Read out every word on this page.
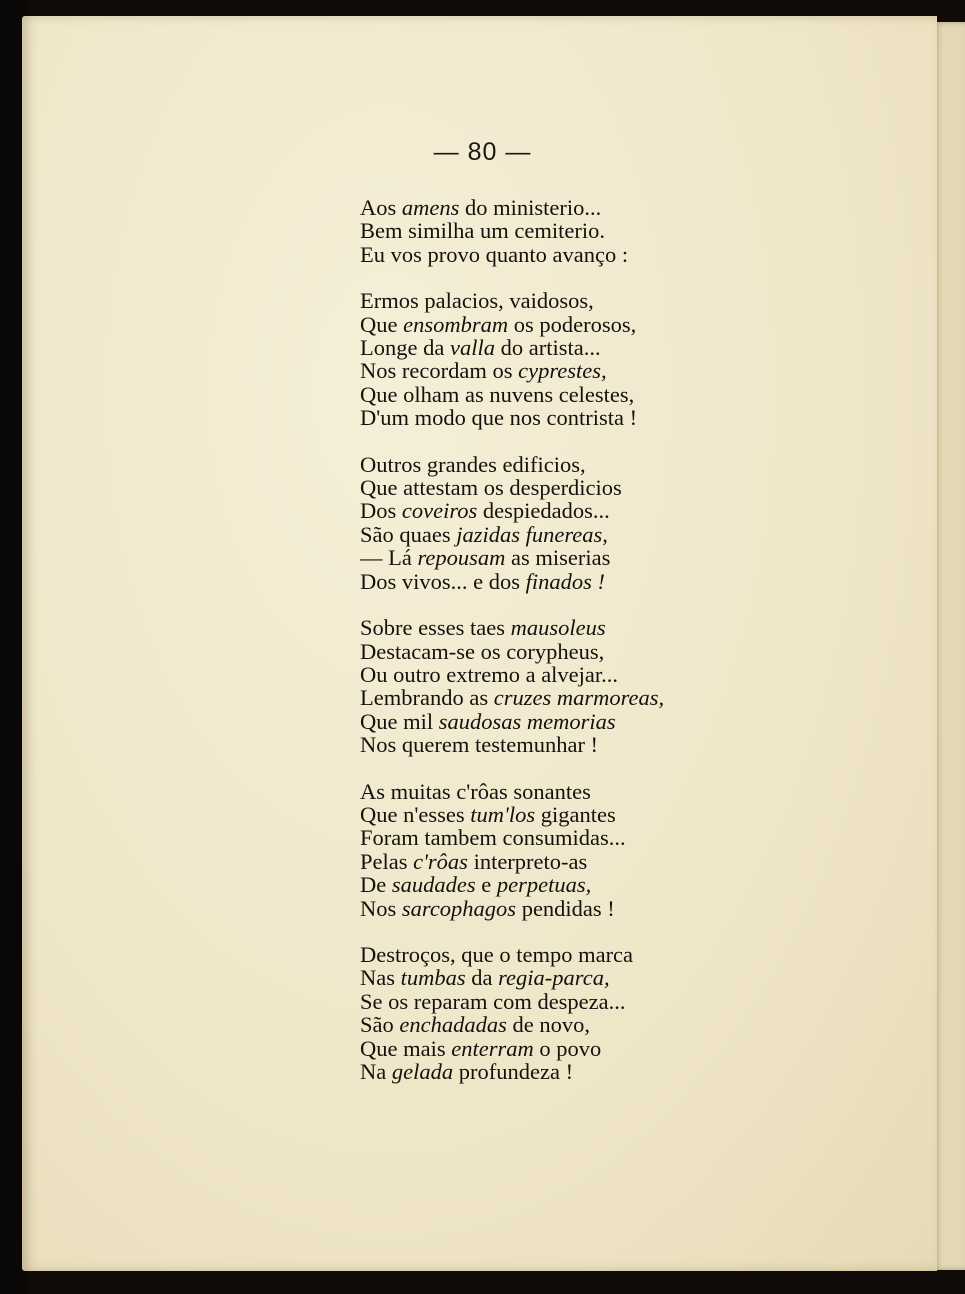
— 80 —
Aos amens do ministerio...
Bem similha um cemiterio.
Eu vos provo quanto avanço :
Ermos palacios, vaidosos,
Que ensombram os poderosos,
Longe da valla do artista...
Nos recordam os cyprestes,
Que olham as nuvens celestes,
D'um modo que nos contrista !
Outros grandes edificios,
Que attestam os desperdicios
Dos coveiros despiedados...
São quaes jazidas funereas,
— Lá repousam as miserias
Dos vivos... e dos finados !
Sobre esses taes mausoleus
Destacam-se os corypheus,
Ou outro extremo a alvejar...
Lembrando as cruzes marmoreas,
Que mil saudosas memorias
Nos querem testemunhar !
As muitas c'rôas sonantes
Que n'esses tum'los gigantes
Foram tambem consumidas...
Pelas c'rôas interpreto-as
De saudades e perpetuas,
Nos sarcophagos pendidas !
Destroços, que o tempo marca
Nas tumbas da regia-parca,
Se os reparam com despeza...
São enchadadas de novo,
Que mais enterram o povo
Na gelada profundeza !
